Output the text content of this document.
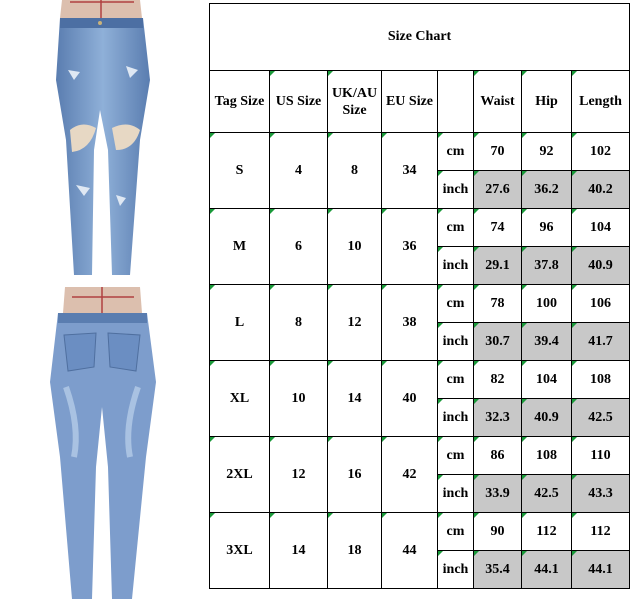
Size Chart							
Tag Size	US Size	UK/AU Size	EU Size		Waist	Hip	Length
S	4	8	34	cm	70	92	102
				inch	27.6	36.2	40.2
M	6	10	36	cm	74	96	104
				inch	29.1	37.8	40.9
L	8	12	38	cm	78	100	106
				inch	30.7	39.4	41.7
XL	10	14	40	cm	82	104	108
				inch	32.3	40.9	42.5
2XL	12	16	42	cm	86	108	110
				inch	33.9	42.5	43.3
3XL	14	18	44	cm	90	112	112
				inch	35.4	44.1	44.1
